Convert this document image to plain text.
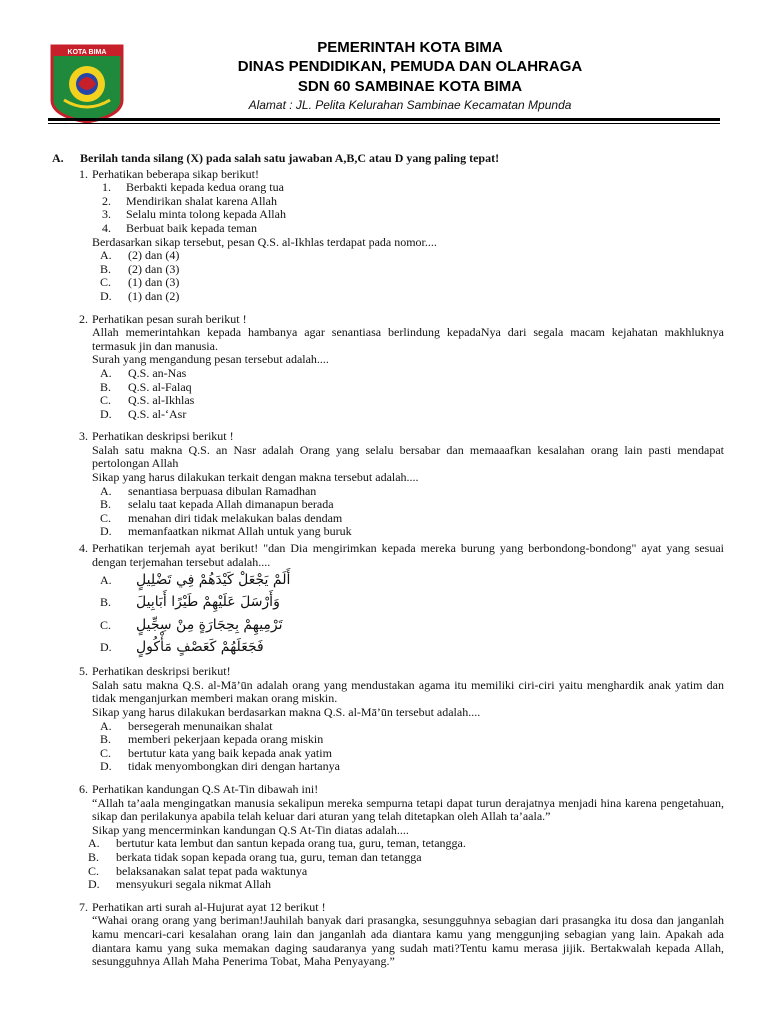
KOTA BIMA	PEMERINTAH KOTA BIMA
DINAS PENDIDIKAN, PEMUDA DAN OLAHRAGA
SDN 60 SAMBINAE KOTA BIMA
Alamat : JL. Pelita Kelurahan Sambinae Kecamatan Mpunda
A.	Berilah tanda silang (X) pada salah satu jawaban A,B,C atau D yang paling tepat!
1. Perhatikan beberapa sikap berikut!
1.	Berbakti kepada kedua orang tua
2.	Mendirikan shalat karena Allah
3.	Selalu minta tolong kepada Allah
4.	Berbuat baik kepada teman
Berdasarkan sikap tersebut, pesan Q.S. al-Ikhlas terdapat pada nomor....
A.	(2) dan (4)
B.	(2) dan (3)
C.	(1) dan (3)
D.	(1) dan (2)
2. Perhatikan pesan surah berikut !
Allah memerintahkan kepada hambanya agar senantiasa berlindung kepadaNya dari segala macam kejahatan makhluknya termasuk jin dan manusia.
Surah yang mengandung pesan tersebut adalah....
A.	Q.S. an-Nas
B.	Q.S. al-Falaq
C.	Q.S. al-Ikhlas
D.	Q.S. al-‘Asr
3. Perhatikan deskripsi berikut !
Salah satu makna Q.S. an Nasr adalah Orang yang selalu bersabar dan memaaafkan kesalahan orang lain pasti mendapat pertolongan Allah
Sikap yang harus dilakukan terkait dengan makna tersebut adalah....
A.	senantiasa berpuasa dibulan Ramadhan
B.	selalu taat kepada Allah dimanapun berada
C.	menahan diri tidak melakukan balas dendam
D.	memanfaatkan nikmat Allah untuk yang buruk
4. Perhatikan terjemah ayat berikut! "dan Dia mengirimkan kepada mereka burung yang berbondong-bondong" ayat yang sesuai dengan terjemahan tersebut adalah....
A.	أَلَمْ يَجْعَلْ كَيْدَهُمْ فِي تَضْلِيلٍ
B.	وَأَرْسَلَ عَلَيْهِمْ طَيْرًا أَبَابِيلَ
C.	تَرْمِيهِمْ بِحِجَارَةٍ مِنْ سِجِّيلٍ
D.	فَجَعَلَهُمْ كَعَصْفٍ مَأْكُولٍ
5. Perhatikan deskripsi berikut!
Salah satu makna Q.S. al-Mā’ūn adalah orang yang mendustakan agama itu memiliki ciri-ciri yaitu menghardik anak yatim dan tidak menganjurkan memberi makan orang miskin.
Sikap yang harus dilakukan berdasarkan makna Q.S. al-Mā’ūn tersebut adalah....
A.	bersegerah menunaikan shalat
B.	memberi pekerjaan kepada orang miskin
C.	bertutur kata yang baik kepada anak yatim
D.	tidak menyombongkan diri dengan hartanya
6. Perhatikan kandungan Q.S At-Tin dibawah ini!
“Allah ta’aala mengingatkan manusia sekalipun mereka sempurna tetapi dapat turun derajatnya menjadi hina karena pengetahuan, sikap dan perilakunya apabila telah keluar dari aturan yang telah ditetapkan oleh Allah ta’aala.”
Sikap yang mencerminkan kandungan Q.S At-Tin diatas adalah....
A.	bertutur kata lembut dan santun kepada orang tua, guru, teman, tetangga.
B.	berkata tidak sopan kepada orang tua, guru, teman dan tetangga
C.	belaksanakan salat tepat pada waktunya
D.	mensyukuri segala nikmat Allah
7. Perhatikan arti surah al-Hujurat ayat 12 berikut !
“Wahai orang orang yang beriman!Jauhilah banyak dari prasangka, sesungguhnya sebagian dari prasangka itu dosa dan janganlah kamu mencari-cari kesalahan orang lain dan janganlah ada diantara kamu yang menggunjing sebagian yang lain. Apakah ada diantara kamu yang suka memakan daging saudaranya yang sudah mati?Tentu kamu merasa jijik. Bertakwalah kepada Allah, sesungguhnya Allah Maha Penerima Tobat, Maha Penyayang.”
